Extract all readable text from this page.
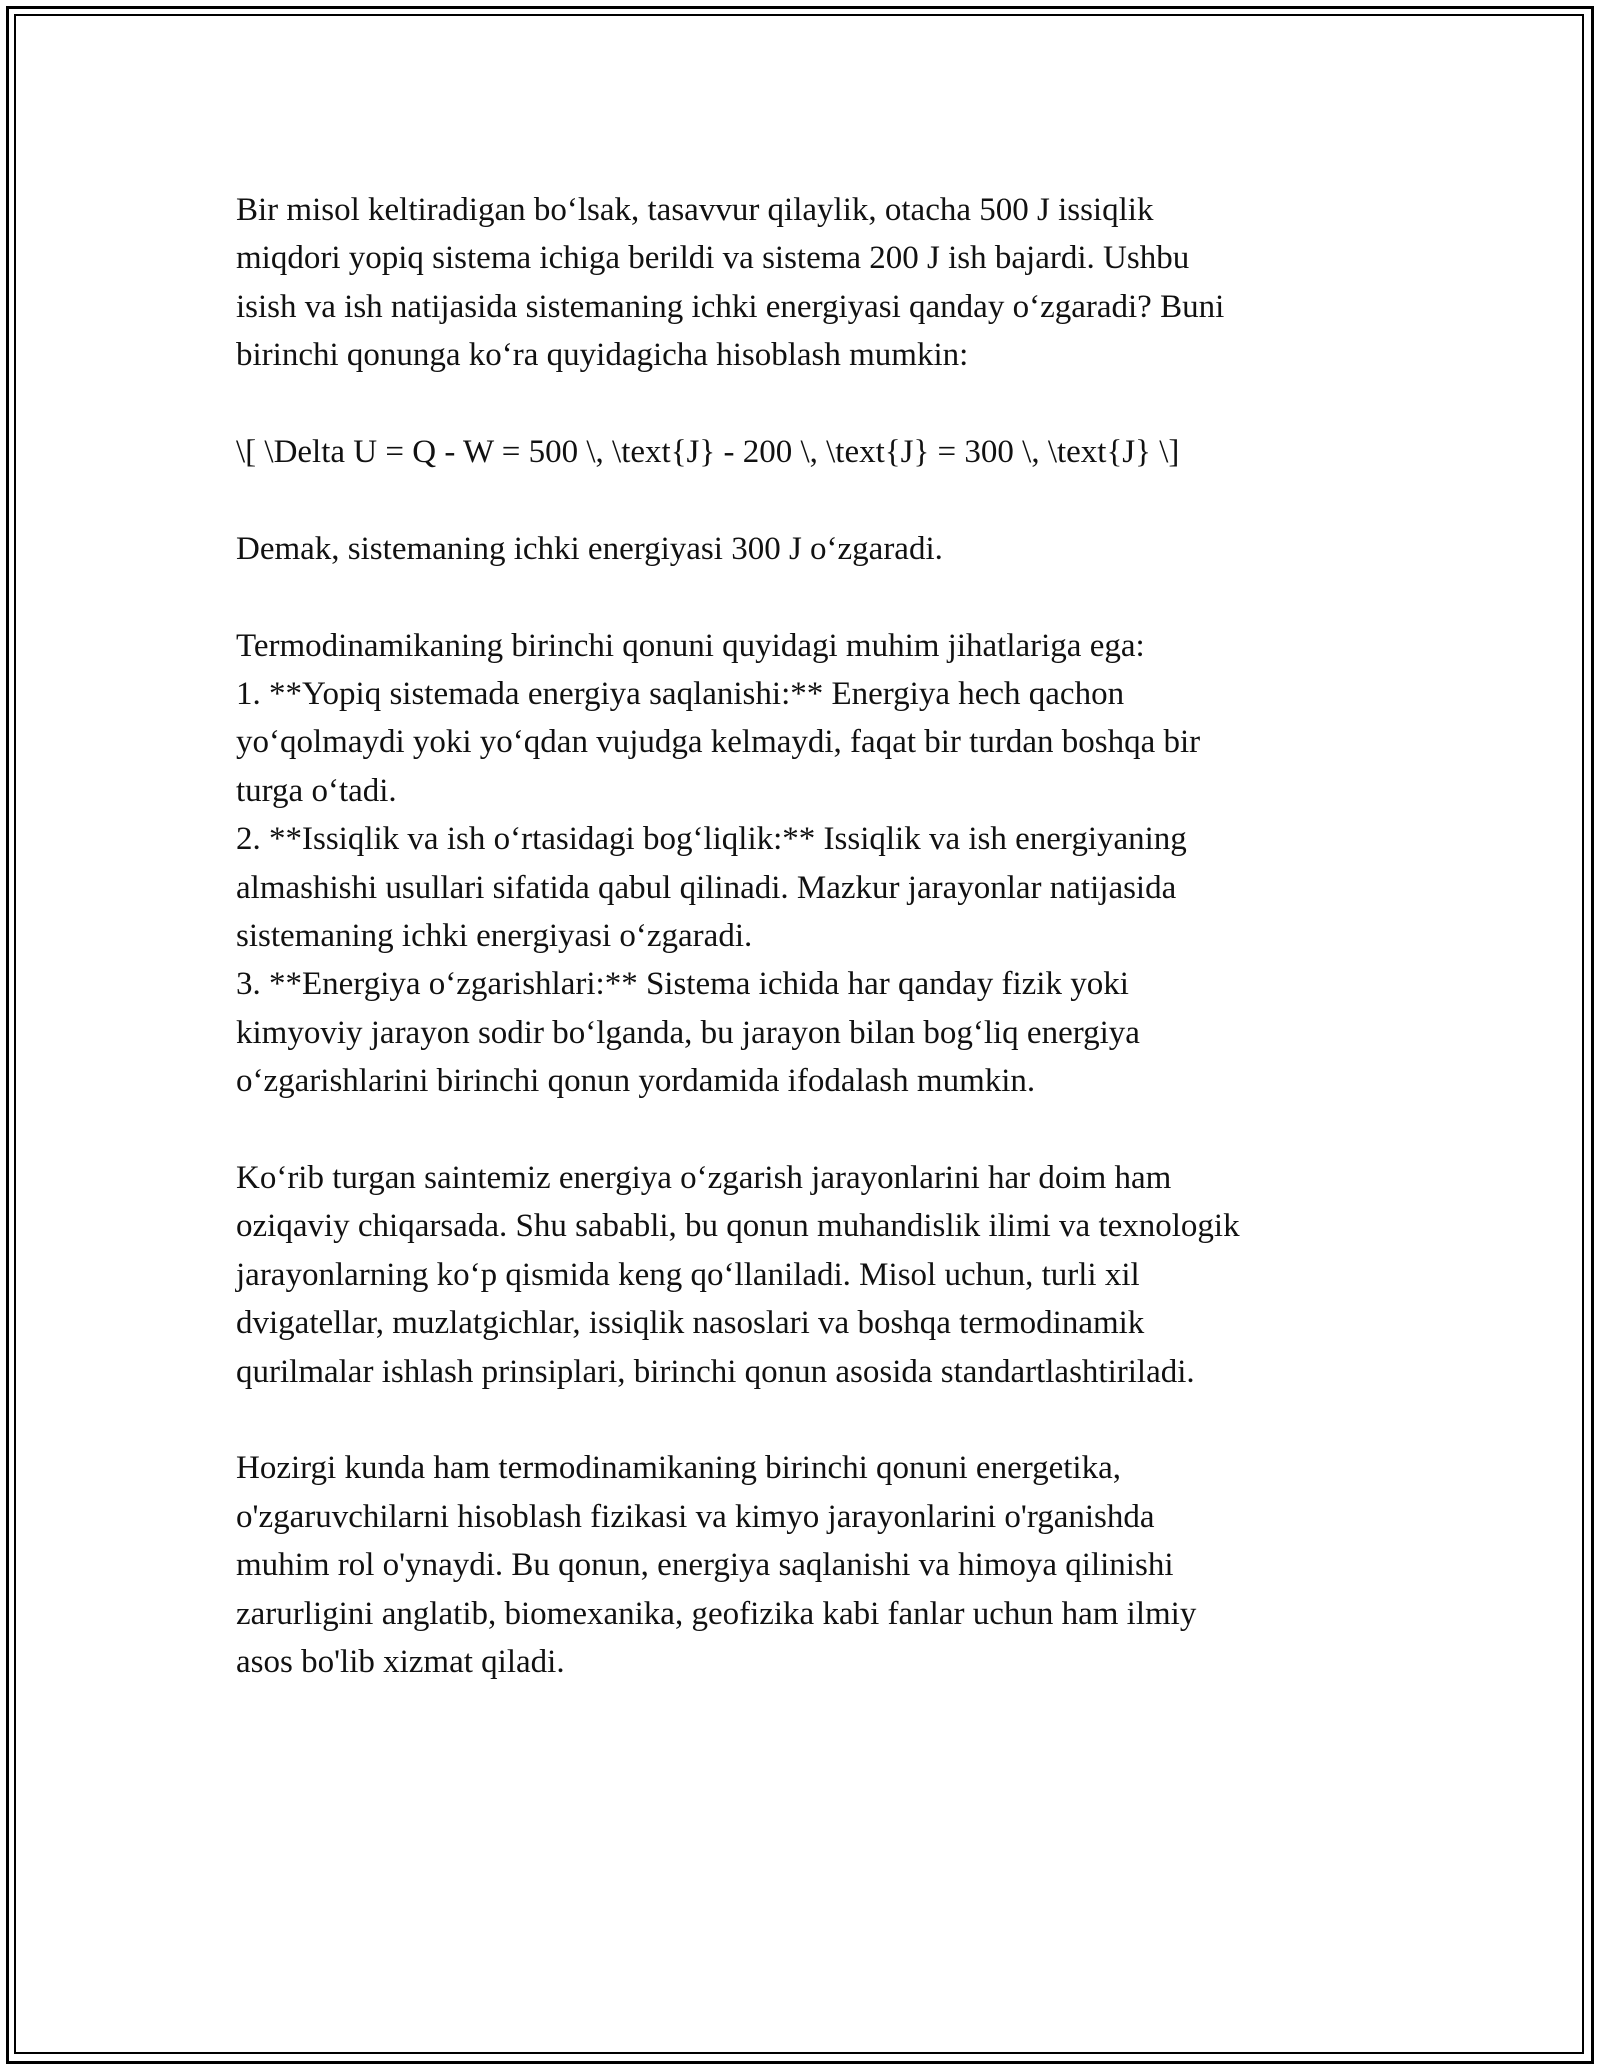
Bir misol keltiradigan bo‘lsak, tasavvur qilaylik, otacha 500 J issiqlik
miqdori yopiq sistema ichiga berildi va sistema 200 J ish bajardi. Ushbu
isish va ish natijasida sistemaning ichki energiyasi qanday o‘zgaradi? Buni
birinchi qonunga ko‘ra quyidagicha hisoblash mumkin:

\[ \Delta U = Q - W = 500 \, \text{J} - 200 \, \text{J} = 300 \, \text{J} \]

Demak, sistemaning ichki energiyasi 300 J o‘zgaradi.

Termodinamikaning birinchi qonuni quyidagi muhim jihatlariga ega:

1. **Yopiq sistemada energiya saqlanishi:** Energiya hech qachon
yo‘qolmaydi yoki yo‘qdan vujudga kelmaydi, faqat bir turdan boshqa bir
turga o‘tadi.

2. **Issiqlik va ish o‘rtasidagi bog‘liqlik:** Issiqlik va ish energiyaning
almashishi usullari sifatida qabul qilinadi. Mazkur jarayonlar natijasida
sistemaning ichki energiyasi o‘zgaradi.

3. **Energiya o‘zgarishlari:** Sistema ichida har qanday fizik yoki
kimyoviy jarayon sodir bo‘lganda, bu jarayon bilan bog‘liq energiya
o‘zgarishlarini birinchi qonun yordamida ifodalash mumkin.

Ko‘rib turgan saintemiz energiya o‘zgarish jarayonlarini har doim ham
oziqaviy chiqarsada. Shu sababli, bu qonun muhandislik ilimi va texnologik
jarayonlarning ko‘p qismida keng qo‘llaniladi. Misol uchun, turli xil
dvigatellar, muzlatgichlar, issiqlik nasoslari va boshqa termodinamik
qurilmalar ishlash prinsiplari, birinchi qonun asosida standartlashtiriladi.

Hozirgi kunda ham termodinamikaning birinchi qonuni energetika,
o'zgaruvchilarni hisoblash fizikasi va kimyo jarayonlarini o'rganishda
muhim rol o'ynaydi. Bu qonun, energiya saqlanishi va himoya qilinishi
zarurligini anglatib, biomexanika, geofizika kabi fanlar uchun ham ilmiy
asos bo'lib xizmat qiladi.
